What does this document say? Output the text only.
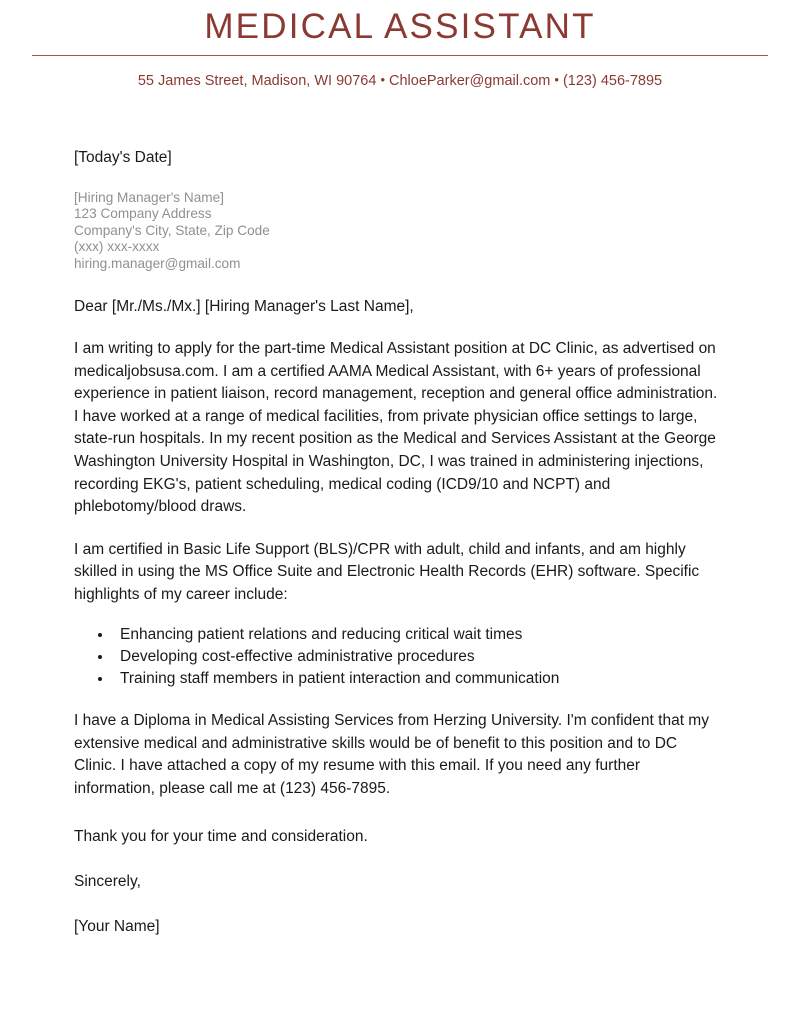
MEDICAL ASSISTANT
55 James Street, Madison, WI 90764 • ChloeParker@gmail.com • (123) 456-7895
[Today's Date]
[Hiring Manager's Name]
123 Company Address
Company's City, State, Zip Code
(xxx) xxx-xxxx
hiring.manager@gmail.com
Dear [Mr./Ms./Mx.] [Hiring Manager's Last Name],

I am writing to apply for the part-time Medical Assistant position at DC Clinic, as advertised on medicaljobsusa.com. I am a certified AAMA Medical Assistant, with 6+ years of professional experience in patient liaison, record management, reception and general office administration. I have worked at a range of medical facilities, from private physician office settings to large, state-run hospitals. In my recent position as the Medical and Services Assistant at the George Washington University Hospital in Washington, DC, I was trained in administering injections, recording EKG's, patient scheduling, medical coding (ICD9/10 and NCPT) and phlebotomy/blood draws.

I am certified in Basic Life Support (BLS)/CPR with adult, child and infants, and am highly skilled in using the MS Office Suite and Electronic Health Records (EHR) software. Specific highlights of my career include:

Enhancing patient relations and reducing critical wait times
Developing cost-effective administrative procedures
Training staff members in patient interaction and communication

I have a Diploma in Medical Assisting Services from Herzing University. I'm confident that my extensive medical and administrative skills would be of benefit to this position and to DC Clinic. I have attached a copy of my resume with this email. If you need any further information, please call me at (123) 456-7895.

Thank you for your time and consideration.
Sincerely,
[Your Name]
